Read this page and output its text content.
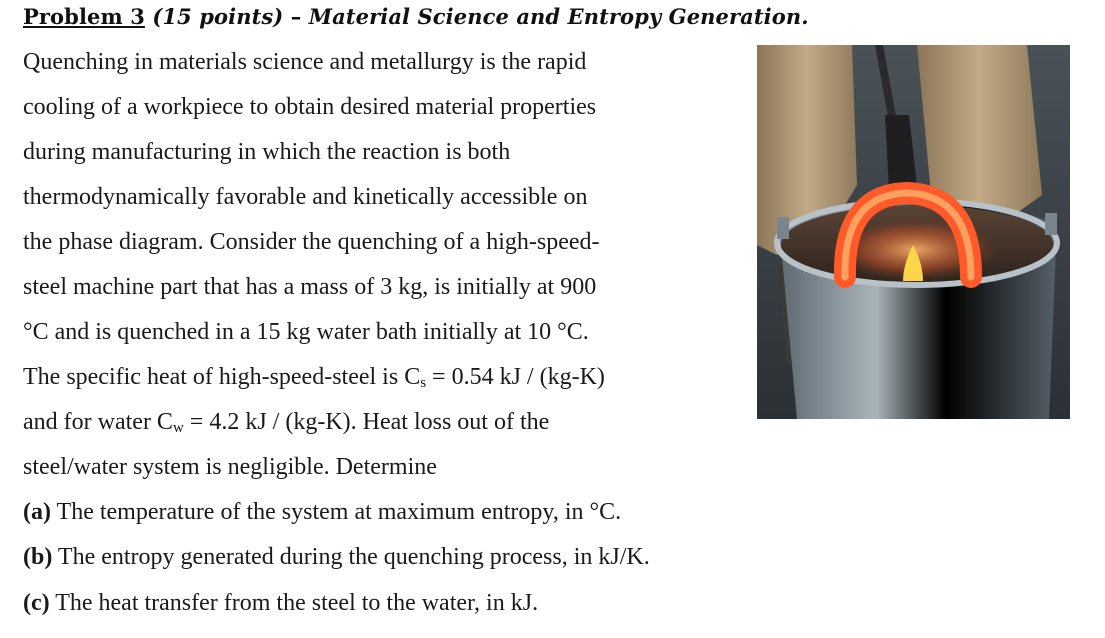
Problem 3 (15 points) – Material Science and Entropy Generation.
Quenching in materials science and metallurgy is the rapid
cooling of a workpiece to obtain desired material properties
during manufacturing in which the reaction is both
thermodynamically favorable and kinetically accessible on
the phase diagram. Consider the quenching of a high-speed-
steel machine part that has a mass of 3 kg, is initially at 900
°C and is quenched in a 15 kg water bath initially at 10 °C.
The specific heat of high-speed-steel is $C_s = 0.54$ kJ / (kg-K)
and for water $C_w = 4.2$ kJ / (kg-K). Heat loss out of the
steel/water system is negligible. Determine
(a) The temperature of the system at maximum entropy, in °C.
(b) The entropy generated during the quenching process, in kJ/K.
(c) The heat transfer from the steel to the water, in kJ.
